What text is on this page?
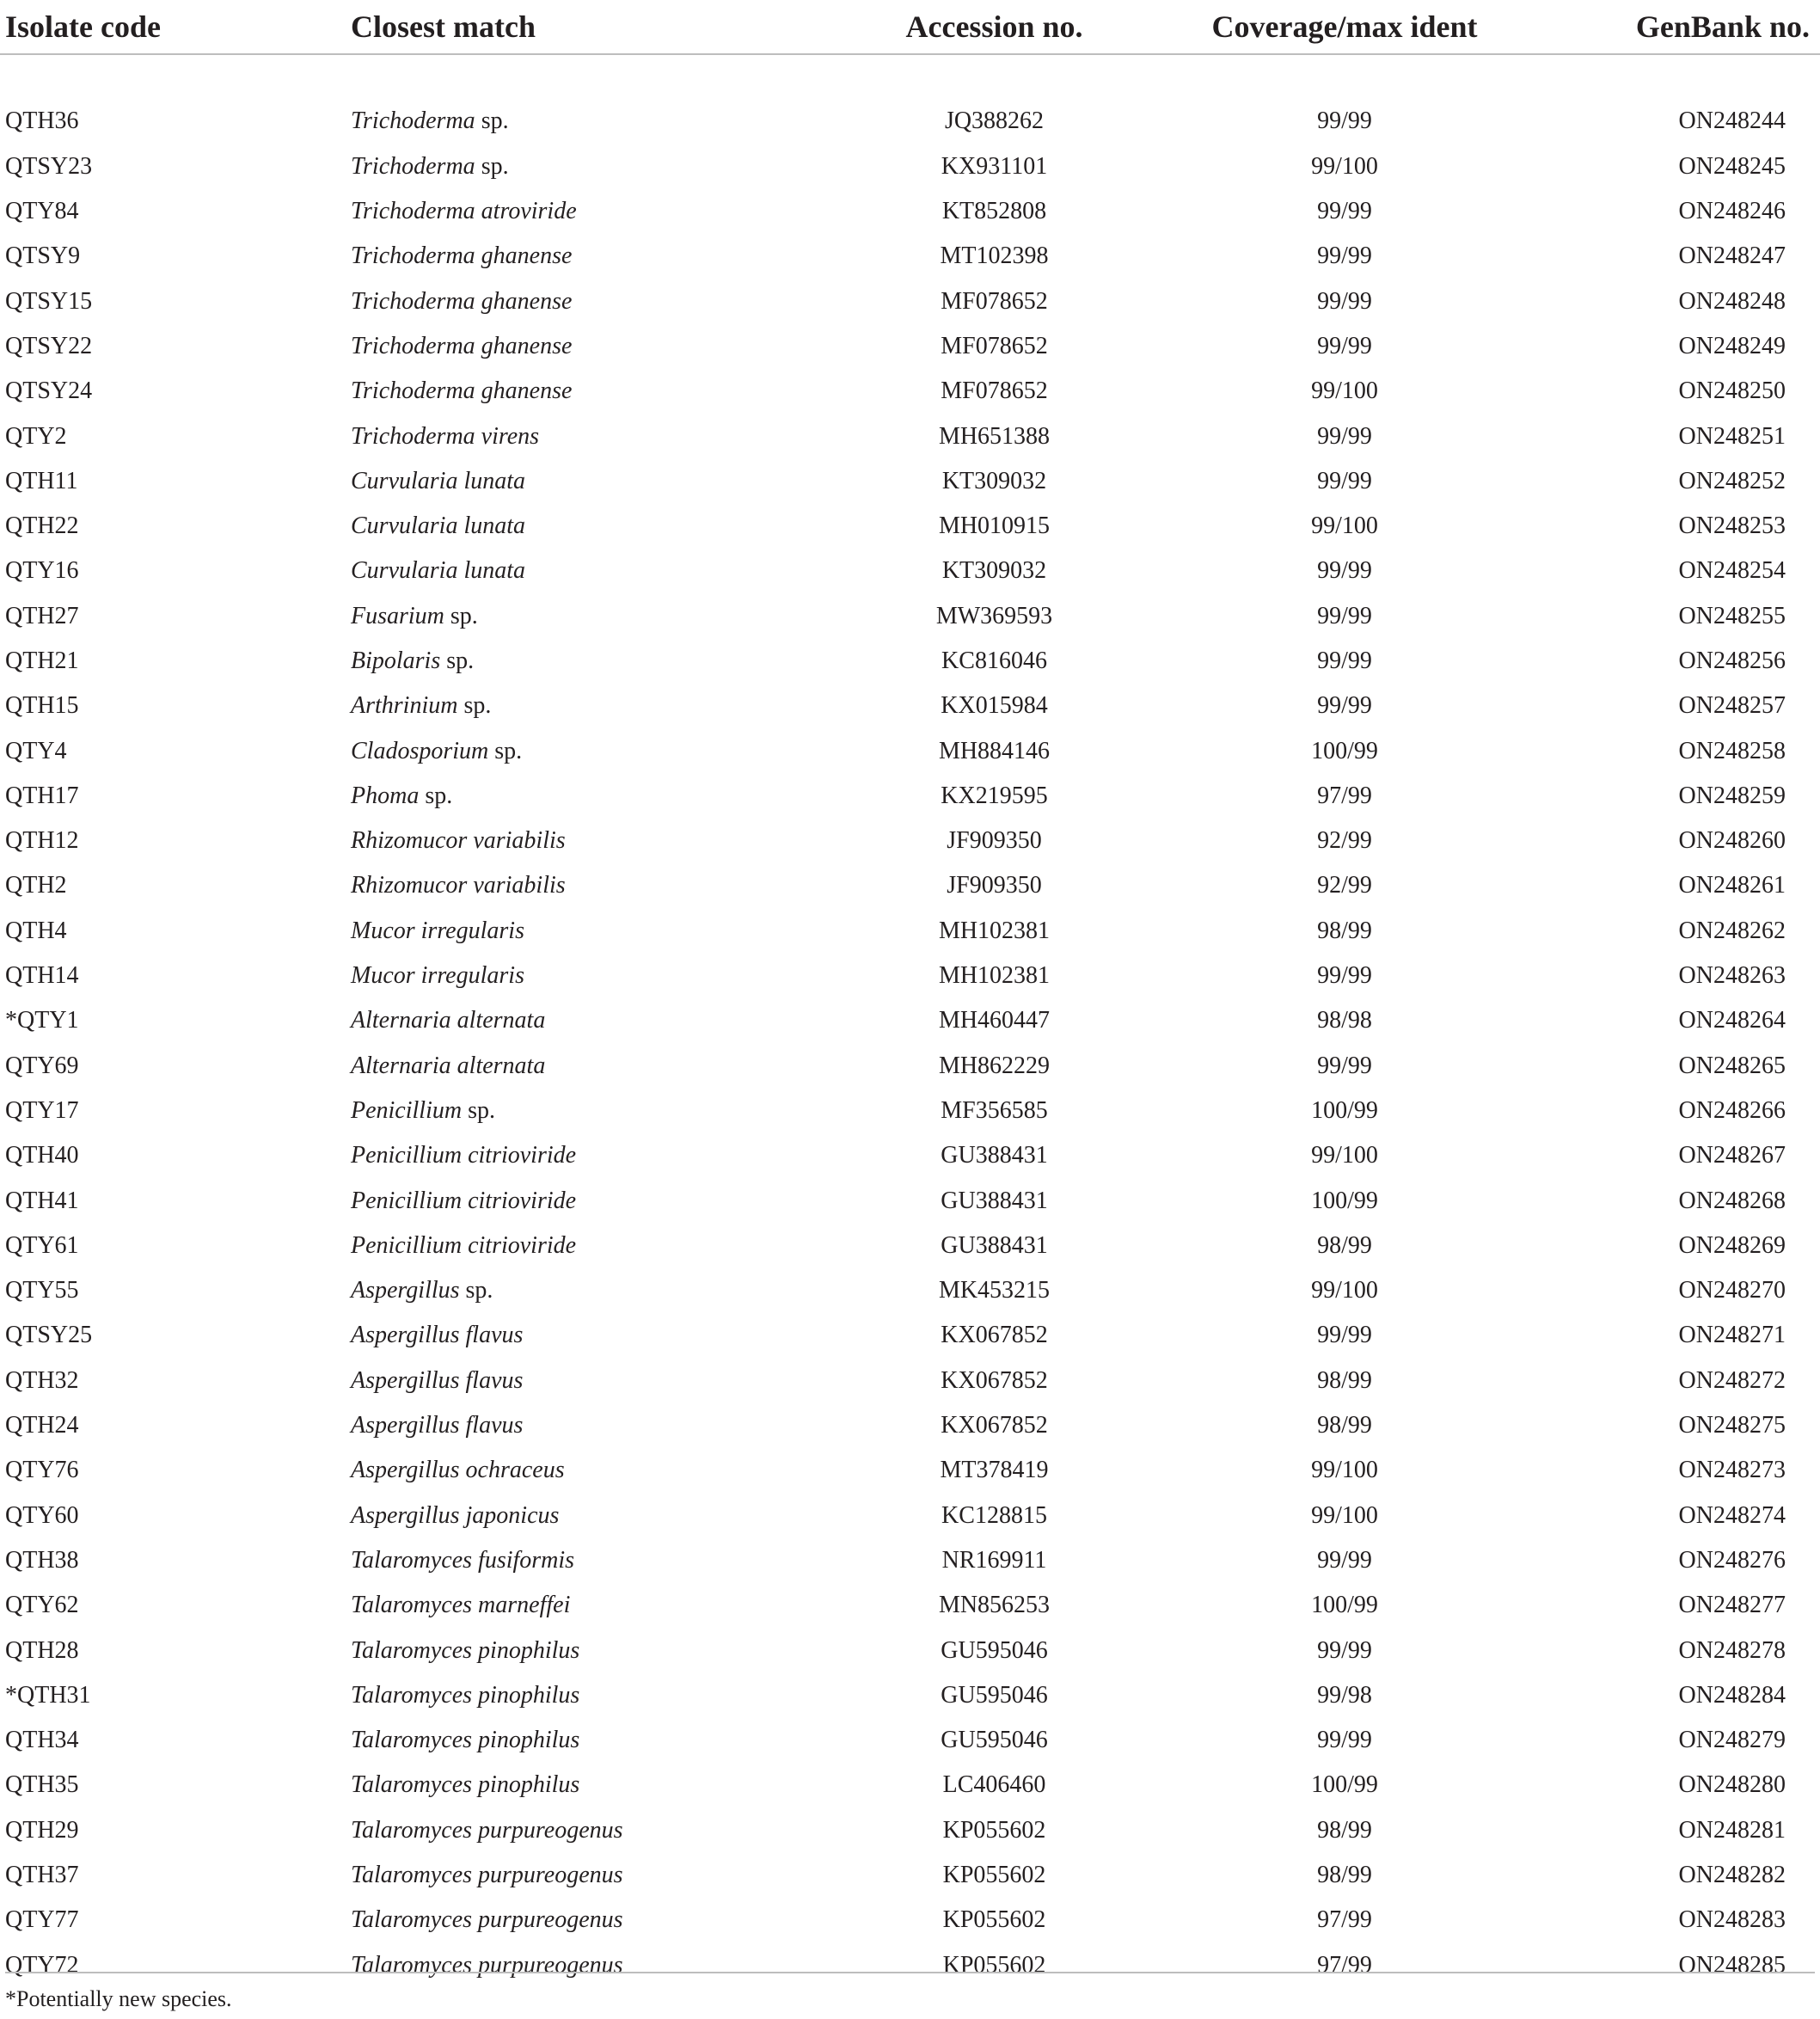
Isolate code	Closest match	Accession no.	Coverage/max ident	GenBank no.

QTH36	Trichoderma sp.	JQ388262	99/99	ON248244
QTSY23	Trichoderma sp.	KX931101	99/100	ON248245
QTY84	Trichoderma atroviride	KT852808	99/99	ON248246
QTSY9	Trichoderma ghanense	MT102398	99/99	ON248247
QTSY15	Trichoderma ghanense	MF078652	99/99	ON248248
QTSY22	Trichoderma ghanense	MF078652	99/99	ON248249
QTSY24	Trichoderma ghanense	MF078652	99/100	ON248250
QTY2	Trichoderma virens	MH651388	99/99	ON248251
QTH11	Curvularia lunata	KT309032	99/99	ON248252
QTH22	Curvularia lunata	MH010915	99/100	ON248253
QTY16	Curvularia lunata	KT309032	99/99	ON248254
QTH27	Fusarium sp.	MW369593	99/99	ON248255
QTH21	Bipolaris sp.	KC816046	99/99	ON248256
QTH15	Arthrinium sp.	KX015984	99/99	ON248257
QTY4	Cladosporium sp.	MH884146	100/99	ON248258
QTH17	Phoma sp.	KX219595	97/99	ON248259
QTH12	Rhizomucor variabilis	JF909350	92/99	ON248260
QTH2	Rhizomucor variabilis	JF909350	92/99	ON248261
QTH4	Mucor irregularis	MH102381	98/99	ON248262
QTH14	Mucor irregularis	MH102381	99/99	ON248263
*QTY1	Alternaria alternata	MH460447	98/98	ON248264
QTY69	Alternaria alternata	MH862229	99/99	ON248265
QTY17	Penicillium sp.	MF356585	100/99	ON248266
QTH40	Penicillium citrioviride	GU388431	99/100	ON248267
QTH41	Penicillium citrioviride	GU388431	100/99	ON248268
QTY61	Penicillium citrioviride	GU388431	98/99	ON248269
QTY55	Aspergillus sp.	MK453215	99/100	ON248270
QTSY25	Aspergillus flavus	KX067852	99/99	ON248271
QTH32	Aspergillus flavus	KX067852	98/99	ON248272
QTH24	Aspergillus flavus	KX067852	98/99	ON248275
QTY76	Aspergillus ochraceus	MT378419	99/100	ON248273
QTY60	Aspergillus japonicus	KC128815	99/100	ON248274
QTH38	Talaromyces fusiformis	NR169911	99/99	ON248276
QTY62	Talaromyces marneffei	MN856253	100/99	ON248277
QTH28	Talaromyces pinophilus	GU595046	99/99	ON248278
*QTH31	Talaromyces pinophilus	GU595046	99/98	ON248284
QTH34	Talaromyces pinophilus	GU595046	99/99	ON248279
QTH35	Talaromyces pinophilus	LC406460	100/99	ON248280
QTH29	Talaromyces purpureogenus	KP055602	98/99	ON248281
QTH37	Talaromyces purpureogenus	KP055602	98/99	ON248282
QTY77	Talaromyces purpureogenus	KP055602	97/99	ON248283
QTY72	Talaromyces purpureogenus	KP055602	97/99	ON248285
*Potentially new species.
